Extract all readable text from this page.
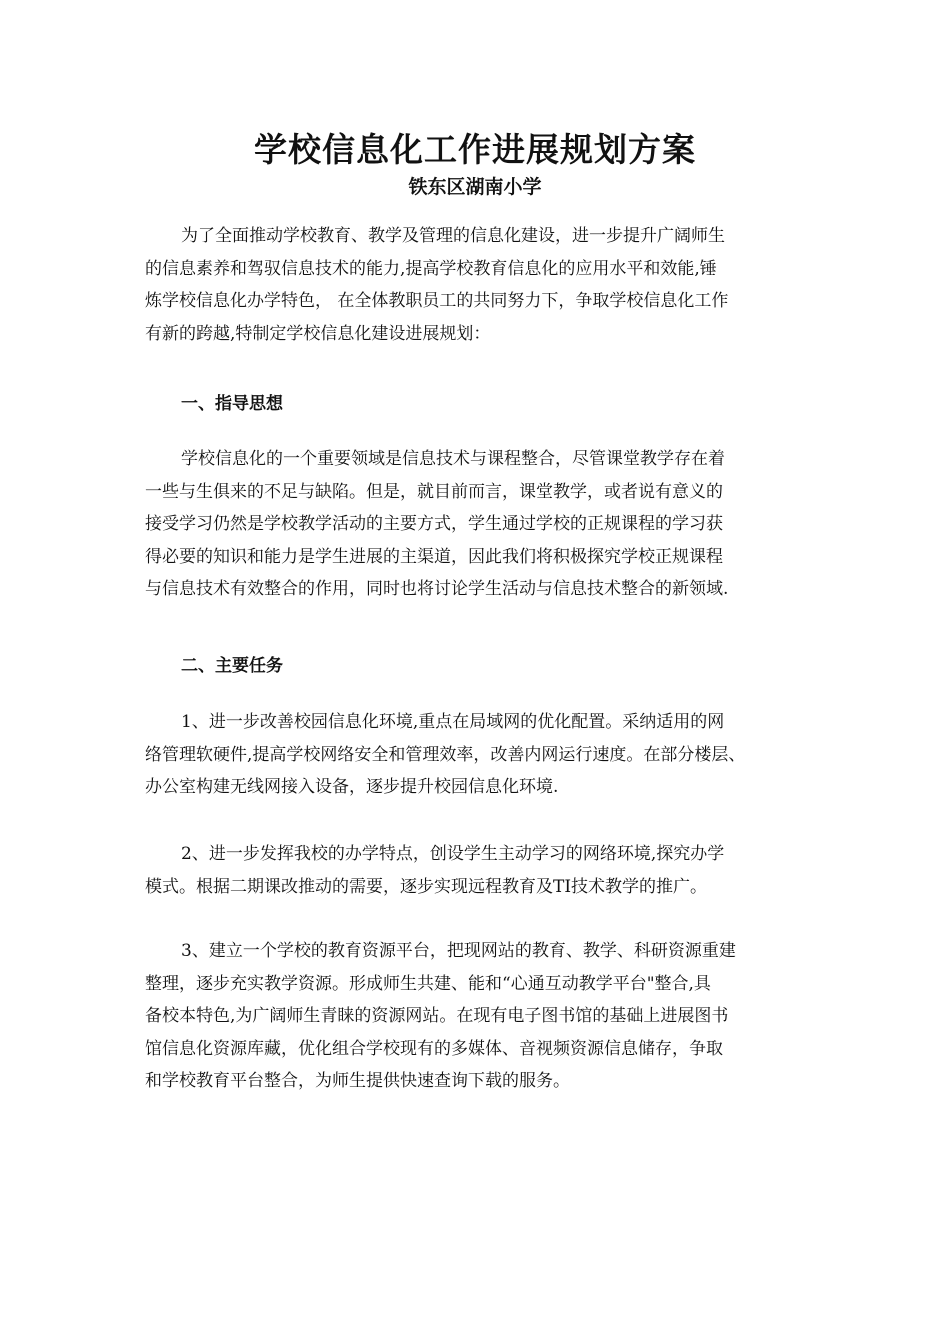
学校信息化工作进展规划方案
铁东区湖南小学
为了全面推动学校教育、教学及管理的信息化建设，进一步提升广阔师生
的信息素养和驾驭信息技术的能力,提高学校教育信息化的应用水平和效能,锤
炼学校信息化办学特色， 在全体教职员工的共同努力下，争取学校信息化工作
有新的跨越,特制定学校信息化建设进展规划：
一、指导思想
学校信息化的一个重要领域是信息技术与课程整合，尽管课堂教学存在着
一些与生俱来的不足与缺陷。但是，就目前而言，课堂教学，或者说有意义的
接受学习仍然是学校教学活动的主要方式，学生通过学校的正规课程的学习获
得必要的知识和能力是学生进展的主渠道，因此我们将积极探究学校正规课程
与信息技术有效整合的作用，同时也将讨论学生活动与信息技术整合的新领域.
二、主要任务
1、进一步改善校园信息化环境,重点在局域网的优化配置。采纳适用的网
络管理软硬件,提高学校网络安全和管理效率，改善内网运行速度。在部分楼层、
办公室构建无线网接入设备，逐步提升校园信息化环境.
2、进一步发挥我校的办学特点，创设学生主动学习的网络环境,探究办学
模式。根据二期课改推动的需要，逐步实现远程教育及TI技术教学的推广。
3、建立一个学校的教育资源平台，把现网站的教育、教学、科研资源重建
整理，逐步充实教学资源。形成师生共建、能和“心通互动教学平台"整合,具
备校本特色,为广阔师生青睐的资源网站。在现有电子图书馆的基础上进展图书
馆信息化资源库藏，优化组合学校现有的多媒体、音视频资源信息储存，争取
和学校教育平台整合，为师生提供快速查询下载的服务。
